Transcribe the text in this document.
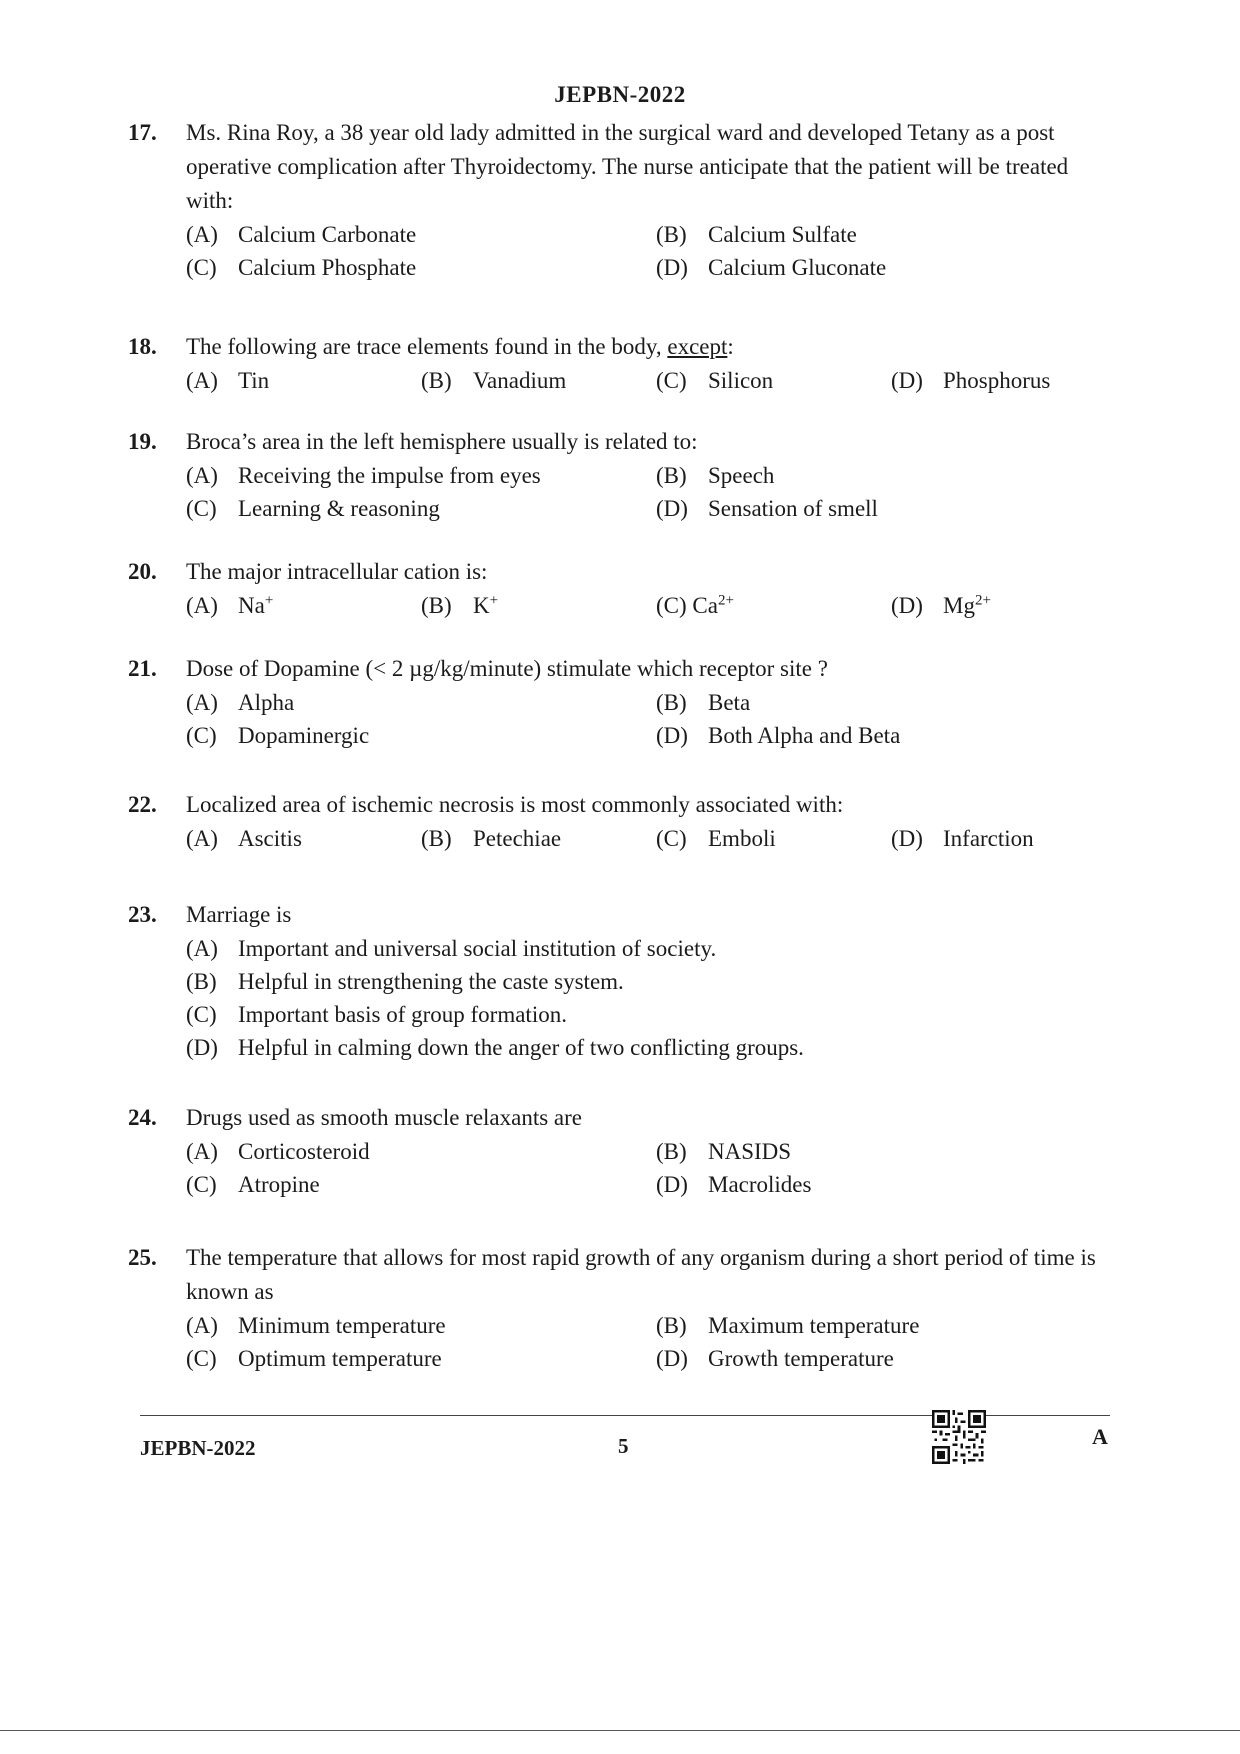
JEPBN-2022
17. Ms. Rina Roy, a 38 year old lady admitted in the surgical ward and developed Tetany as a post operative complication after Thyroidectomy. The nurse anticipate that the patient will be treated with:
(A) Calcium Carbonate	(B) Calcium Sulfate
(C) Calcium Phosphate	(D) Calcium Gluconate
18. The following are trace elements found in the body, except:
(A) Tin	(B) Vanadium	(C) Silicon	(D) Phosphorus
19. Broca’s area in the left hemisphere usually is related to:
(A) Receiving the impulse from eyes	(B) Speech
(C) Learning & reasoning	(D) Sensation of smell
20. The major intracellular cation is:
(A) Na+	(B) K+	(C) $Ca^{2+}$	(D) $Mg^{2+}$
21. Dose of Dopamine (< 2 µg/kg/minute) stimulate which receptor site ?
(A) Alpha	(B) Beta
(C) Dopaminergic	(D) Both Alpha and Beta
22. Localized area of ischemic necrosis is most commonly associated with:
(A) Ascitis	(B) Petechiae	(C) Emboli	(D) Infarction
23. Marriage is
(A) Important and universal social institution of society.
(B) Helpful in strengthening the caste system.
(C) Important basis of group formation.
(D) Helpful in calming down the anger of two conflicting groups.
24. Drugs used as smooth muscle relaxants are
(A) Corticosteroid	(B) NASIDS
(C) Atropine	(D) Macrolides
25. The temperature that allows for most rapid growth of any organism during a short period of time is known as
(A) Minimum temperature	(B) Maximum temperature
(C) Optimum temperature	(D) Growth temperature
JEPBN-2022	5	A
